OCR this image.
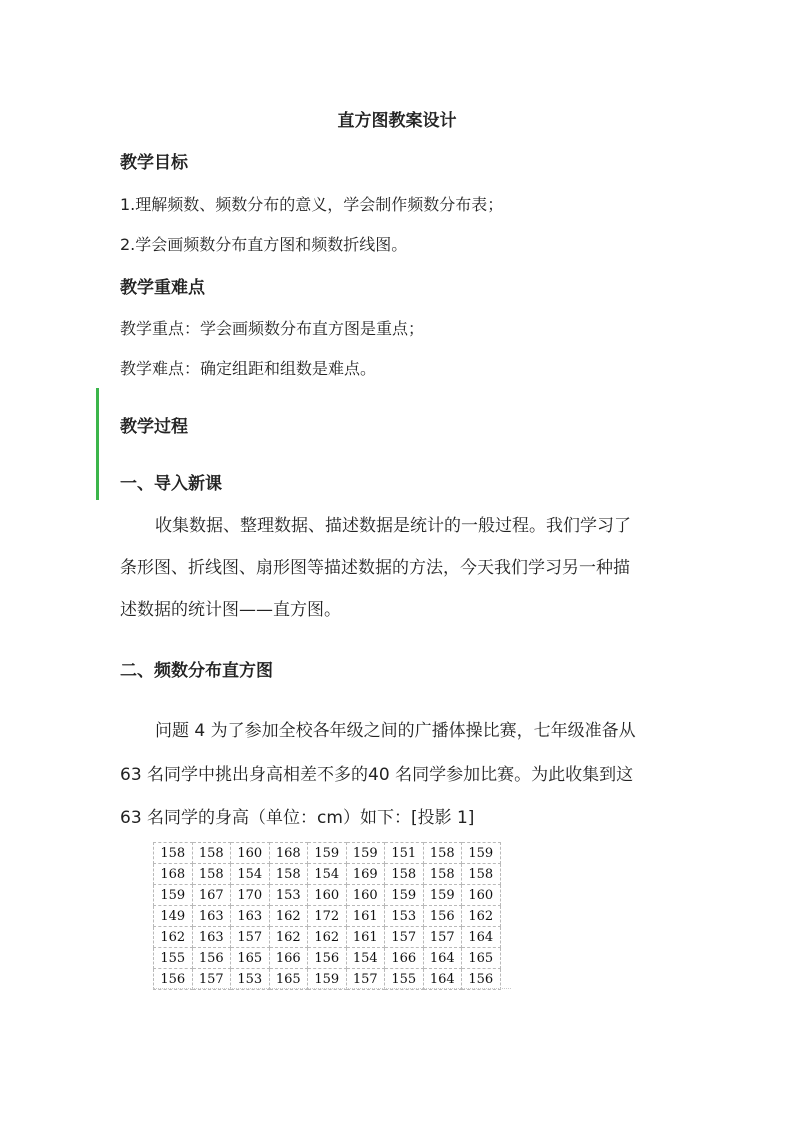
直方图教案设计
教学目标

1.理解频数、频数分布的意义，学会制作频数分布表；

2.学会画频数分布直方图和频数折线图。

教学重难点

教学重点：学会画频数分布直方图是重点；

教学难点：确定组距和组数是难点。

教学过程
一、导入新课

收集数据、整理数据、描述数据是统计的一般过程。我们学习了

条形图、折线图、扇形图等描述数据的方法，今天我们学习另一种描

述数据的统计图——直方图。

二、频数分布直方图

问题 4 为了参加全校各年级之间的广播体操比赛，七年级准备从

63 名同学中挑出身高相差不多的40 名同学参加比赛。为此收集到这

63 名同学的身高（单位：cm）如下：[投影 1]

158	158	160	168	159	159	151	158	159
168	158	154	158	154	169	158	158	158
159	167	170	153	160	160	159	159	160
149	163	163	162	172	161	153	156	162
162	163	157	162	162	161	157	157	164
155	156	165	166	156	154	166	164	165
156	157	153	165	159	157	155	164	156
